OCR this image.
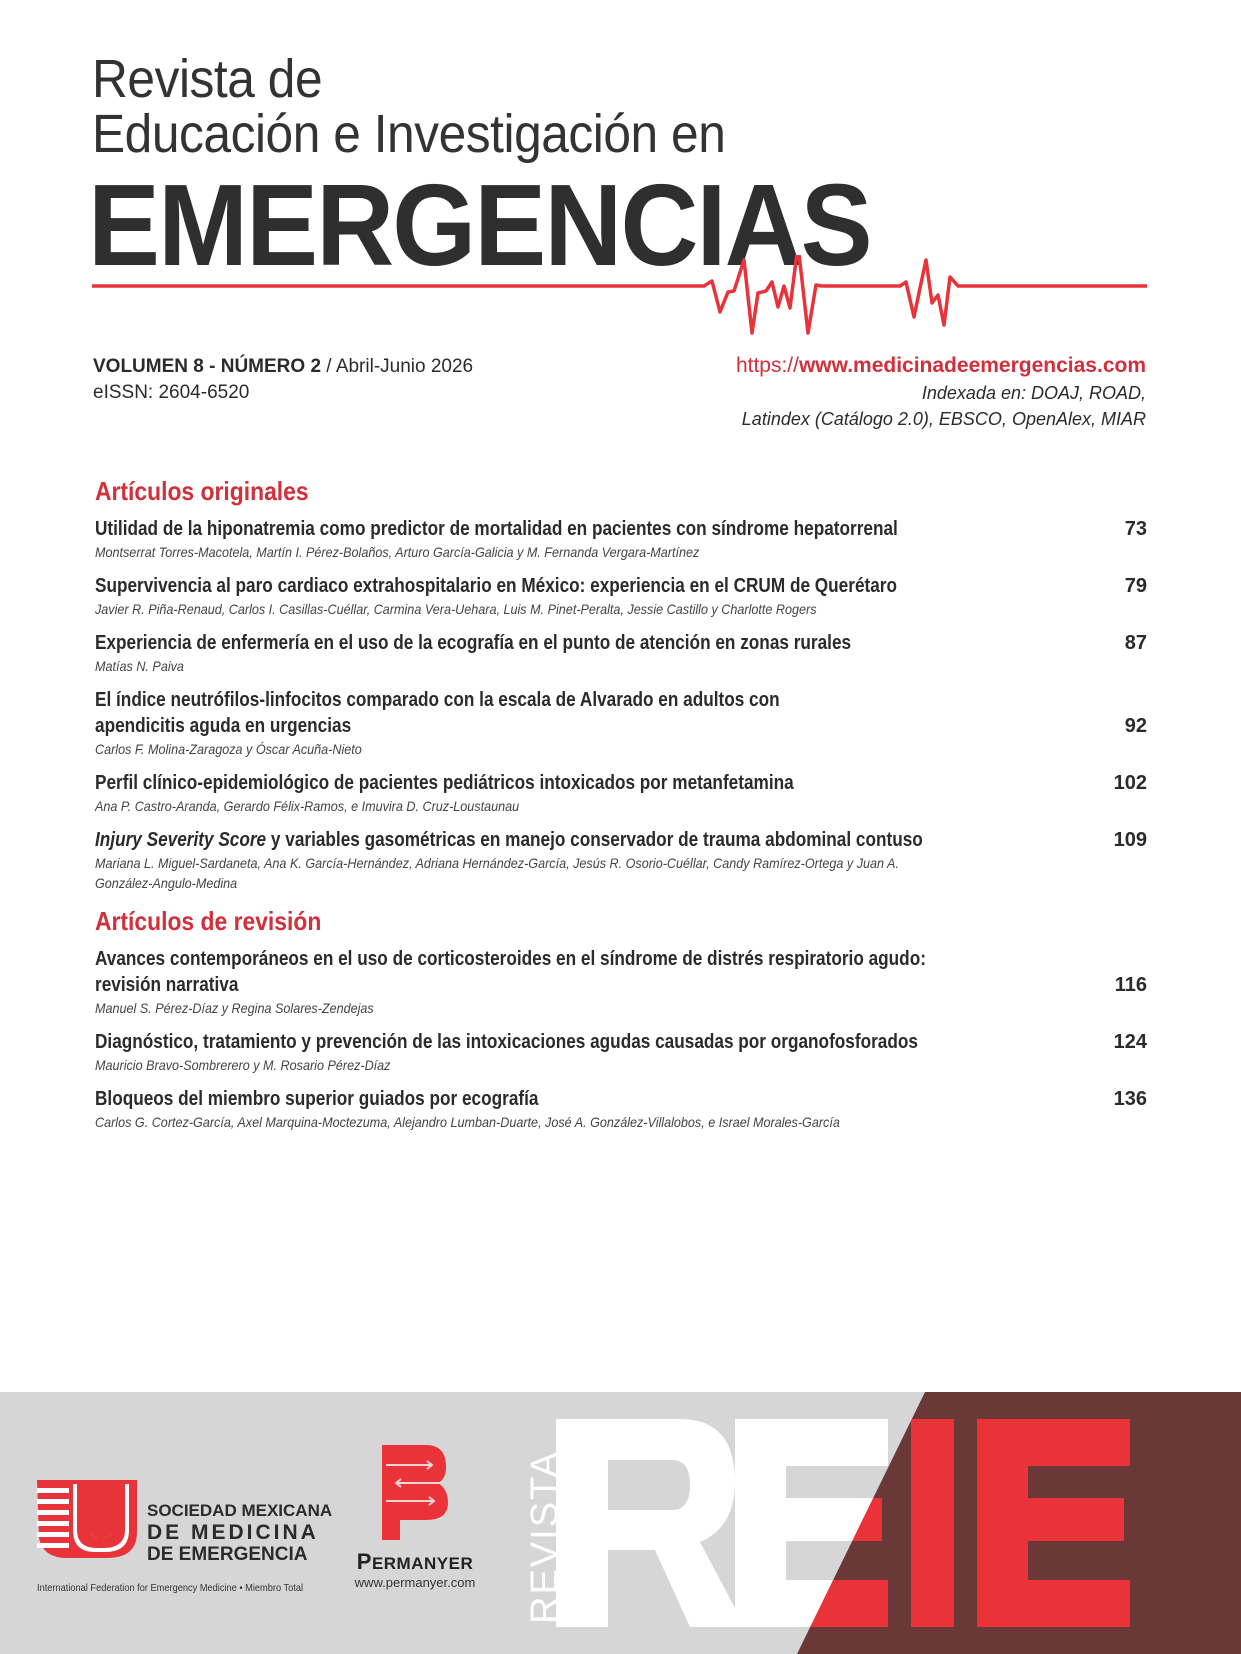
Revista de
Educación e Investigación en
EMERGENCIAS
VOLUMEN 8 - NÚMERO 2 / Abril-Junio 2026
eISSN: 2604-6520
https://www.medicinadeemergencias.com
Indexada en: DOAJ, ROAD,
Latindex (Catálogo 2.0), EBSCO, OpenAlex, MIAR
Artículos originales
73
Utilidad de la hiponatremia como predictor de mortalidad en pacientes con síndrome hepatorrenal
Montserrat Torres-Macotela, Martín I. Pérez-Bolaños, Arturo García-Galicia y M. Fernanda Vergara-Martínez
79
Supervivencia al paro cardiaco extrahospitalario en México: experiencia en el CRUM de Querétaro
Javier R. Piña-Renaud, Carlos I. Casillas-Cuéllar, Carmina Vera-Uehara, Luis M. Pinet-Peralta, Jessie Castillo y Charlotte Rogers
87
Experiencia de enfermería en el uso de la ecografía en el punto de atención en zonas rurales
Matías N. Paiva
92
El índice neutrófilos-linfocitos comparado con la escala de Alvarado en adultos con apendicitis aguda en urgencias
Carlos F. Molina-Zaragoza y Óscar Acuña-Nieto
102
Perfil clínico-epidemiológico de pacientes pediátricos intoxicados por metanfetamina
Ana P. Castro-Aranda, Gerardo Félix-Ramos, e Imuvira D. Cruz-Loustaunau
109
Injury Severity Score y variables gasométricas en manejo conservador de trauma abdominal contuso
Mariana L. Miguel-Sardaneta, Ana K. García-Hernández, Adriana Hernández-García, Jesús R. Osorio-Cuéllar, Candy Ramírez-Ortega y Juan A. González-Angulo-Medina
Artículos de revisión
116
Avances contemporáneos en el uso de corticosteroides en el síndrome de distrés respiratorio agudo: revisión narrativa
Manuel S. Pérez-Díaz y Regina Solares-Zendejas
124
Diagnóstico, tratamiento y prevención de las intoxicaciones agudas causadas por organofosforados
Mauricio Bravo-Sombrerero y M. Rosario Pérez-Díaz
136
Bloqueos del miembro superior guiados por ecografía
Carlos G. Cortez-García, Axel Marquina-Moctezuma, Alejandro Lumban-Duarte, José A. González-Villalobos, e Israel Morales-García
REVISTA
SOCIEDAD MEXICANA
DE MEDICINA
DE EMERGENCIA
International Federation for Emergency Medicine • Miembro Total
PERMANYER
www.permanyer.com
